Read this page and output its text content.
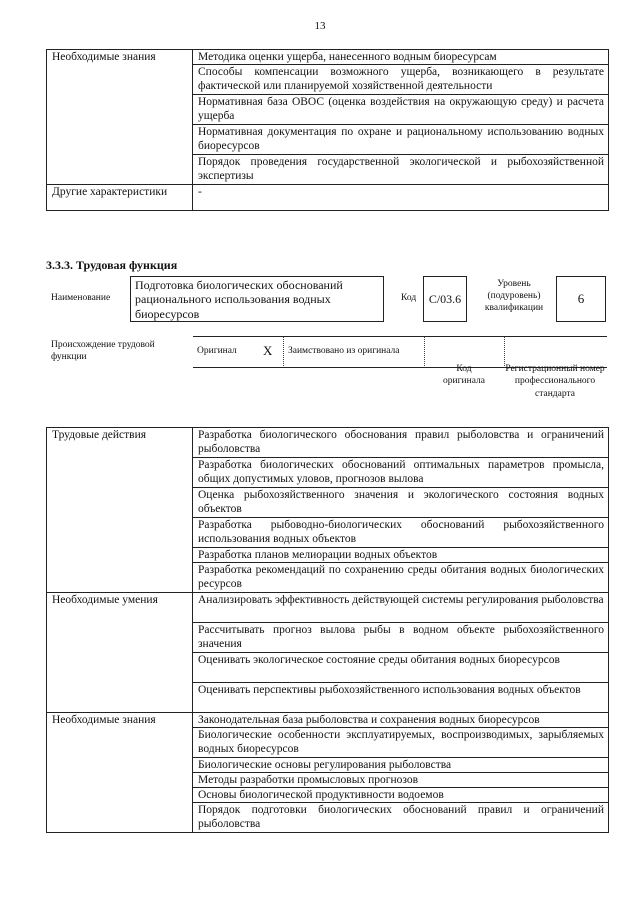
13
Необходимые знания	Методика оценки ущерба, нанесенного водным биоресурсам
	Способы компенсации возможного ущерба, возникающего в результате фактической или планируемой хозяйственной деятельности
	Нормативная база ОВОС (оценка воздействия на окружающую среду) и расчета ущерба
	Нормативная документация по охране и рациональному использованию водных биоресурсов
	Порядок проведения государственной экологической и рыбохозяйственной экспертизы
Другие характеристики	-
3.3.3. Трудовая функция
Наименование
Подготовка биологических обоснований рационального использования водных биоресурсов
Код	C/03.6
Уровень (подуровень) квалификации
6
Происхождение трудовой функции
Оригинал X Заимствовано из оригинала
Код оригинала
Регистрационный номер профессионального стандарта
Трудовые действия	Разработка биологического обоснования правил рыболовства и ограничений рыболовства
	Разработка биологических обоснований оптимальных параметров промысла, общих допустимых уловов, прогнозов вылова
	Оценка рыбохозяйственного значения и экологического состояния водных объектов
	Разработка рыбоводно-биологических обоснований рыбохозяйственного использования водных объектов
	Разработка планов мелиорации водных объектов
	Разработка рекомендаций по сохранению среды обитания водных биологических ресурсов
Необходимые умения	Анализировать эффективность действующей системы регулирования рыболовства
	Рассчитывать прогноз вылова рыбы в водном объекте рыбохозяйственного значения
	Оценивать экологическое состояние среды обитания водных биоресурсов
	Оценивать перспективы рыбохозяйственного использования водных объектов
Необходимые знания	Законодательная база рыболовства и сохранения водных биоресурсов
	Биологические особенности эксплуатируемых, воспроизводимых, зарыбляемых водных биоресурсов
	Биологические основы регулирования рыболовства
	Методы разработки промысловых прогнозов
	Основы биологической продуктивности водоемов
	Порядок подготовки биологических обоснований правил и ограничений рыболовства
